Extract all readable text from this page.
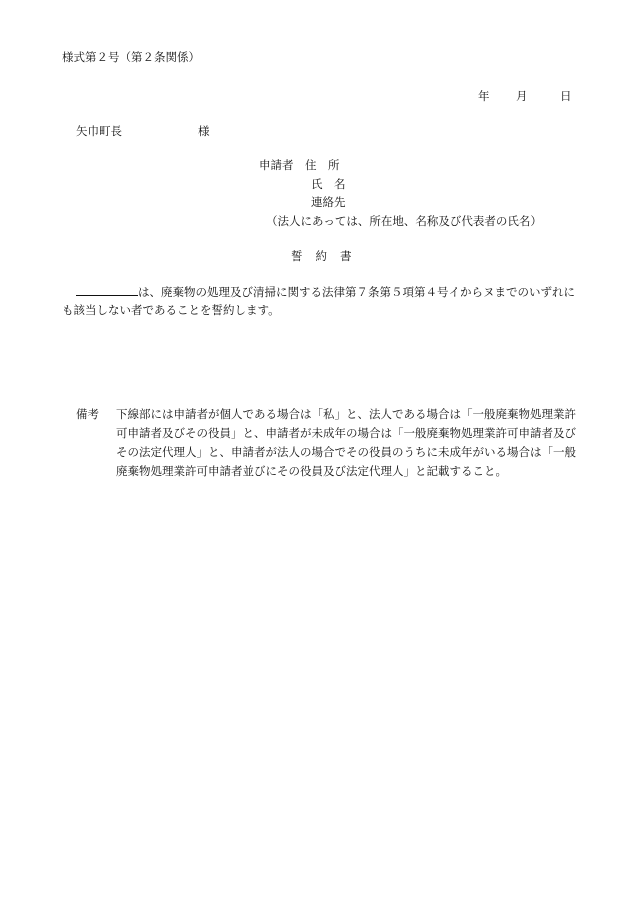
様式第２号（第２条関係）
年 月	日
矢巾町長	様
申請者　 住　所
氏　名
連絡先
（法人にあっては、所在地、名称及び代表者の氏名）
誓約書
は、廃棄物の処理及び清掃に関する法律第７条第５項第４号イからヌまでのいずれにも該当しない者であることを誓約します。
備考 下線部には申請者が個人である場合は「私」と、法人である場合は「一般廃棄物処理業許可申請者及びその役員」と、申請者が未成年の場合は「一般廃棄物処理業許可申請者及びその法定代理人」と、申請者が法人の場合でその役員のうちに未成年がいる場合は「一般廃棄物処理業許可申請者並びにその役員及び法定代理人」と記載すること。
